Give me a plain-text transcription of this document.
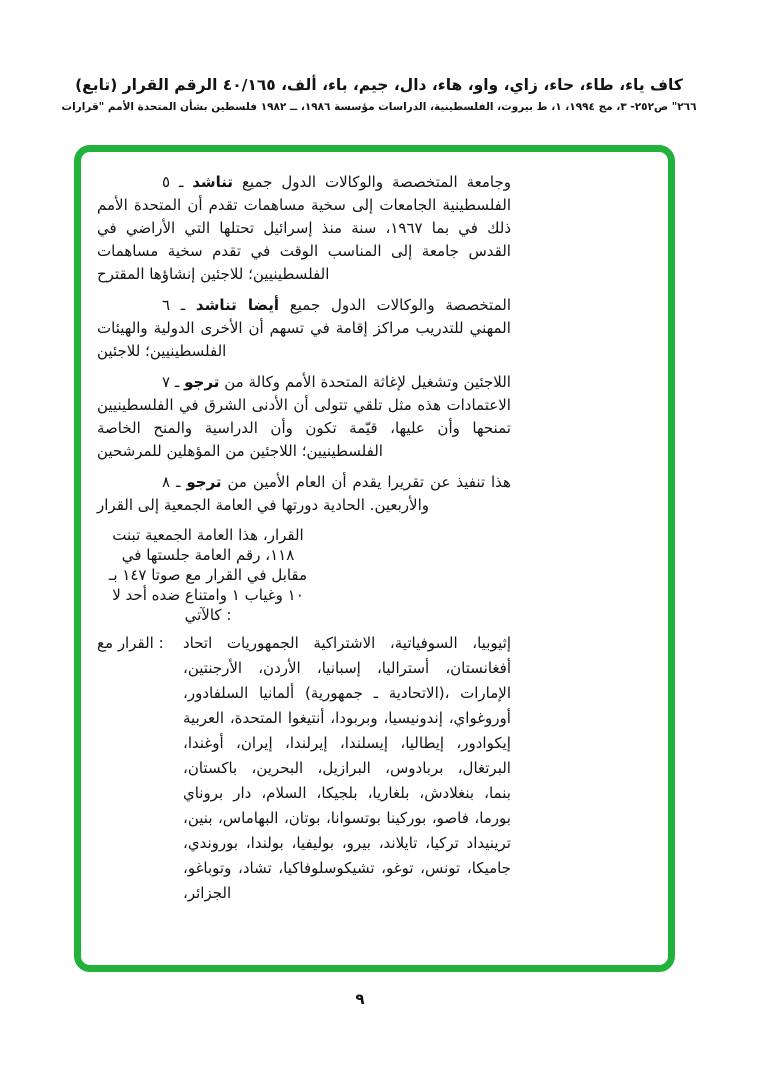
(تابع) القرار الرقم ٤٠/١٦٥ ألف، باء، جيم، دال، هاء، واو، زاي، حاء، طاء، ياء، كاف
"قرارات الأمم المتحدة بشأن فلسطين ١٩٨٢ ــ ١٩٨٦، مؤسسة الدراسات الفلسطينية، بيروت، ط ١، ١٩٩٤، مج ٣، ص٢٥٢- ٢٦٦"
٥ ـ تناشد جميع الدول والوكالات المتخصصة وجامعة الأمم المتحدة أن تقدم مساهمات سخية إلى الجامعات الفلسطينية في الأراضي التي تحتلها إسرائيل منذ سنة ١٩٦٧، بما في ذلك مساهمات سخية تقدم في الوقت المناسب إلى جامعة القدس المقترح إنشاؤها للاجئين الفلسطينيين؛
٦ ـ تناشد أيضا جميع الدول والوكالات المتخصصة والهيئات الدولية الأخرى أن تسهم في إقامة مراكز للتدريب المهني للاجئين الفلسطينيين؛
٧ ـ ترجو من وكالة الأمم المتحدة لإغاثة وتشغيل اللاجئين الفلسطينيين في الشرق الأدنى أن تتولى تلقي مثل هذه الاعتمادات الخاصة والمنح الدراسية وأن تكون قيّمة عليها، وأن تمنحها للمرشحين المؤهلين من اللاجئين الفلسطينيين؛
٨ ـ ترجو من الأمين العام أن يقدم تقريرا عن تنفيذ هذا القرار إلى الجمعية العامة في دورتها الحادية والأربعين.
تبنت الجمعية العامة هذا القرار،
في جلستها العامة رقم ١١٨،
بـ ١٤٧ صوتا مع القرار في مقابل
لا أحد ضده وامتناع ١ وغياب ١٠
كالآتي :
مع القرار : اتحاد الجمهوريات الاشتراكية السوفياتية، إثيوبيا، الأرجنتين، الأردن، إسبانيا، أستراليا، أفغانستان، السلفادور، ألمانيا (جمهورية ـ الاتحادية)، الإمارات العربية المتحدة، أنتيغوا وبربودا، إندونيسيا، أوروغواي، أوغندا، إيران، إيرلندا، إيسلندا، إيطاليا، إيكوادور، باكستان، البحرين، البرازيل، بربادوس، البرتغال، بروناي دار السلام، بلجيكا، بلغاريا، بنغلادش، بنما، بنين، البهاماس، بوتان، بوتسوانا، بوركينا فاصو، بورما، بوروندي، بولندا، بوليفيا، بيرو، تايلاند، تركيا، ترينيداد وتوباغو، تشاد، تشيكوسلوفاكيا، توغو، تونس، جاميكا، الجزائر،
٩
